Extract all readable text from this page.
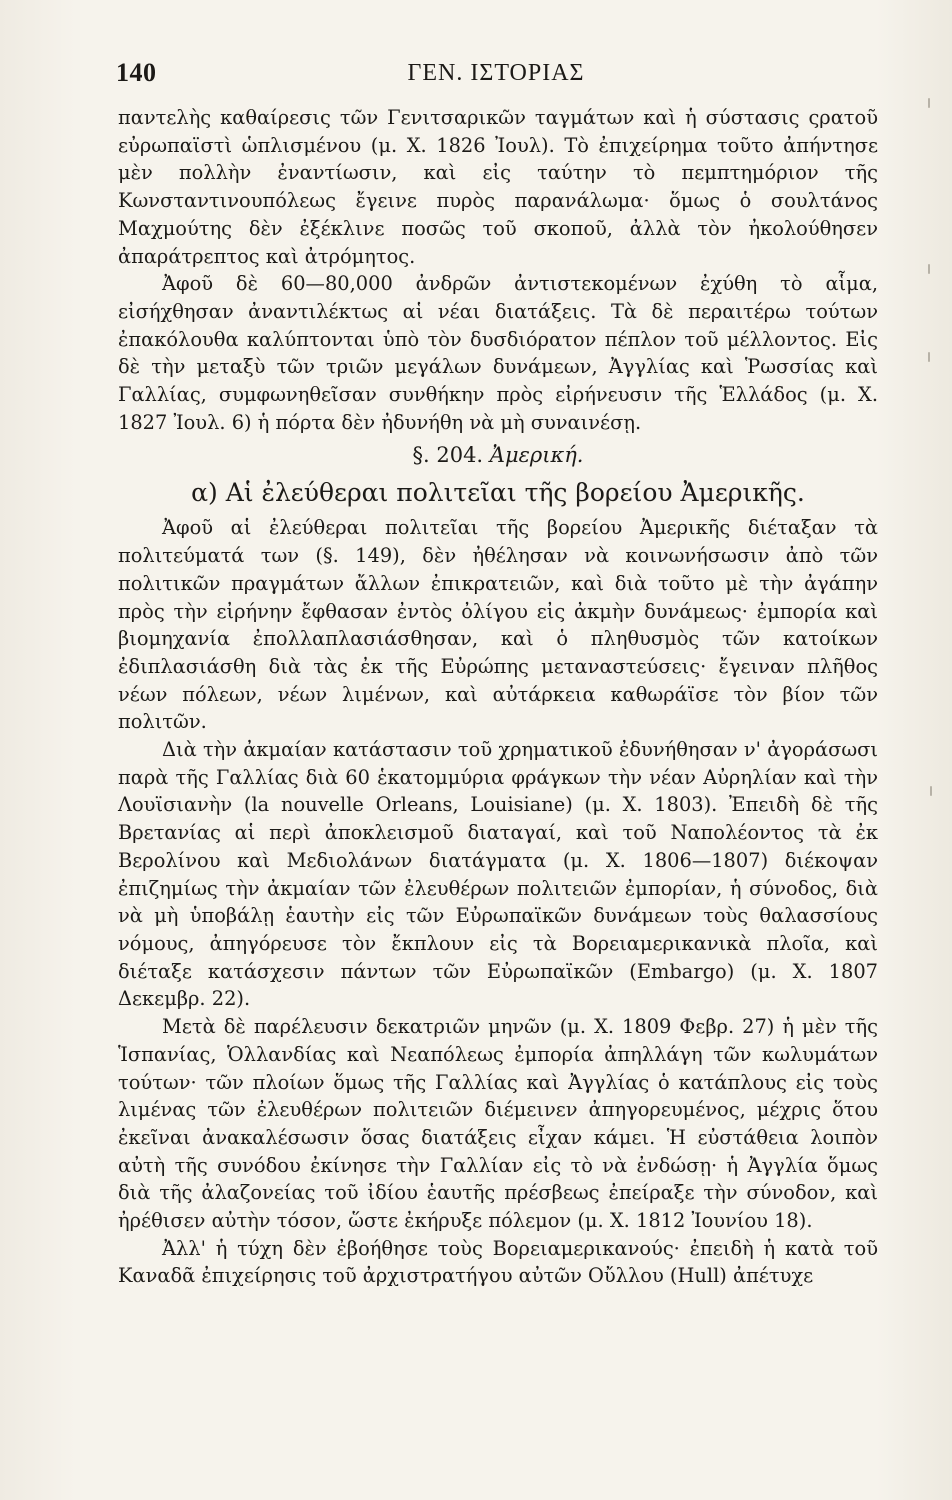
140	ΓΕΝ. ΙΣΤΟΡΙΑΣ

παντελὴς καθαίρεσις τῶν Γενιτσαρικῶν ταγμάτων καὶ ἡ σύστασις ςρατοῦ εὐρωπαϊστὶ ὡπλισμένου (μ. Χ. 1826 Ἰουλ). Τὸ ἐπιχείρημα τοῦτο ἀπήντησε μὲν πολλὴν ἐναντίωσιν, καὶ εἰς ταύτην τὸ πεμπτημόριον τῆς Κωνσταντινουπόλεως ἔγεινε πυρὸς παρανάλωμα· ὅμως ὁ σουλτάνος Μαχμούτης δὲν ἐξέκλινε ποσῶς τοῦ σκοποῦ, ἀλλὰ τὸν ἠκολούθησεν ἀπαράτρεπτος καὶ ἀτρόμητος.

Ἀφοῦ δὲ 60—80,000 ἀνδρῶν ἀντιστεκομένων ἐχύθη τὸ αἷμα, εἰσήχθησαν ἀναντιλέκτως αἱ νέαι διατάξεις. Τὰ δὲ περαιτέρω τούτων ἐπακόλουθα καλύπτονται ὑπὸ τὸν δυσδιόρατον πέπλον τοῦ μέλλοντος. Εἰς δὲ τὴν μεταξὺ τῶν τριῶν μεγάλων δυνάμεων, Ἀγγλίας καὶ Ῥωσσίας καὶ Γαλλίας, συμφωνηθεῖσαν συνθήκην πρὸς εἰρήνευσιν τῆς Ἑλλάδος (μ. Χ. 1827 Ἰουλ. 6) ἡ πόρτα δὲν ἠδυνήθη νὰ μὴ συναινέσῃ.

§. 204. Ἀμερική.

α) Αἱ ἐλεύθεραι πολιτεῖαι τῆς βορείου Ἀμερικῆς.

Ἀφοῦ αἱ ἐλεύθεραι πολιτεῖαι τῆς βορείου Ἀμερικῆς διέταξαν τὰ πολιτεύματά των (§. 149), δὲν ἠθέλησαν νὰ κοινωνήσωσιν ἀπὸ τῶν πολιτικῶν πραγμάτων ἄλλων ἐπικρατειῶν, καὶ διὰ τοῦτο μὲ τὴν ἀγάπην πρὸς τὴν εἰρήνην ἔφθασαν ἐντὸς ὀλίγου εἰς ἀκμὴν δυνάμεως· ἐμπορία καὶ βιομηχανία ἐπολλαπλασιάσθησαν, καὶ ὁ πληθυσμὸς τῶν κατοίκων ἐδιπλασιάσθη διὰ τὰς ἐκ τῆς Εὐρώπης μεταναστεύσεις· ἔγειναν πλῆθος νέων πόλεων, νέων λιμένων, καὶ αὐτάρκεια καθωράϊσε τὸν βίον τῶν πολιτῶν.

Διὰ τὴν ἀκμαίαν κατάστασιν τοῦ χρηματικοῦ ἐδυνήθησαν ν' ἀγοράσωσι παρὰ τῆς Γαλλίας διὰ 60 ἑκατομμύρια φράγκων τὴν νέαν Αὐρηλίαν καὶ τὴν Λουϊσιανὴν (la nouvelle Orleans, Louisiane) (μ. Χ. 1803). Ἐπειδὴ δὲ τῆς Βρετανίας αἱ περὶ ἀποκλεισμοῦ διαταγαί, καὶ τοῦ Ναπολέοντος τὰ ἐκ Βερολίνου καὶ Μεδιολάνων διατάγματα (μ. Χ. 1806—1807) διέκοψαν ἐπιζημίως τὴν ἀκμαίαν τῶν ἐλευθέρων πολιτειῶν ἐμπορίαν, ἡ σύνοδος, διὰ νὰ μὴ ὑποβάλῃ ἑαυτὴν εἰς τῶν Εὐρωπαϊκῶν δυνάμεων τοὺς θαλασσίους νόμους, ἀπηγόρευσε τὸν ἔκπλουν εἰς τὰ Βορειαμερικανικὰ πλοῖα, καὶ διέταξε κατάσχεσιν πάντων τῶν Εὐρωπαϊκῶν (Embargo) (μ. Χ. 1807 Δεκεμβρ. 22).

Μετὰ δὲ παρέλευσιν δεκατριῶν μηνῶν (μ. Χ. 1809 Φεβρ. 27) ἡ μὲν τῆς Ἱσπανίας, Ὁλλανδίας καὶ Νεαπόλεως ἐμπορία ἀπηλλάγη τῶν κωλυμάτων τούτων· τῶν πλοίων ὅμως τῆς Γαλλίας καὶ Ἀγγλίας ὁ κατάπλους εἰς τοὺς λιμένας τῶν ἐλευθέρων πολιτειῶν διέμεινεν ἀπηγορευμένος, μέχρις ὅτου ἐκεῖναι ἀνακαλέσωσιν ὅσας διατάξεις εἶχαν κάμει. Ἡ εὐστάθεια λοιπὸν αὐτὴ τῆς συνόδου ἐκίνησε τὴν Γαλλίαν εἰς τὸ νὰ ἐνδώσῃ· ἡ Ἀγγλία ὅμως διὰ τῆς ἀλαζονείας τοῦ ἰδίου ἑαυτῆς πρέσβεως ἐπείραξε τὴν σύνοδον, καὶ ἠρέθισεν αὐτὴν τόσον, ὥστε ἐκήρυξε πόλεμον (μ. Χ. 1812 Ἰουνίου 18).

Ἀλλ' ἡ τύχη δὲν ἐβοήθησε τοὺς Βορειαμερικανούς· ἐπειδὴ ἡ κατὰ τοῦ Καναδᾶ ἐπιχείρησις τοῦ ἀρχιστρατήγου αὐτῶν Οὔλλου (Hull) ἀπέτυχε
